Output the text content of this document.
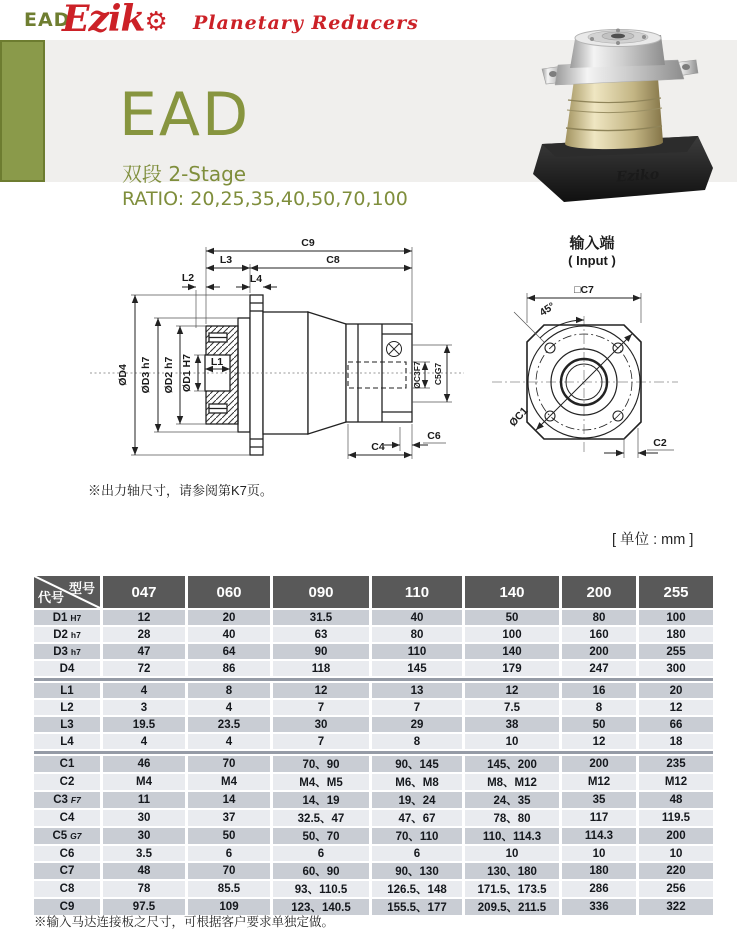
EAD
Ezik⚙ Planetary Reducers
EAD
双段 2-Stage
RATIO: 20,25,35,40,50,70,100
Eziko
C9
C8
L3
L2	L4
L1
ØD4 ØD3 h7 ØD2 h7 ØD1 H7	ØC3F7 C5G7
C4
C6
输入端
( Input )
□C7
45°
ØC1
C2
※出力轴尺寸，请参阅第K7页。
[ 单位 : mm ]
型号
代号	047	060	090	110	140	200	255
D1 H7	12	20	31.5	40	50	80	100
D2 h7	28	40	63	80	100	160	180
D3 h7	47	64	90	110	140	200	255
D4	72	86	118	145	179	247	300

L1	4	8	12	13	12	16	20
L2	3	4	7	7	7.5	8	12
L3	19.5	23.5	30	29	38	50	66
L4	4	4	7	8	10	12	18

C1	46	70	70、90	90、145	145、200	200	235
C2	M4	M4	M4、M5	M6、M8	M8、M12	M12	M12
C3 F7	11	14	14、19	19、24	24、35	35	48
C4	30	37	32.5、47	47、67	78、80	117	119.5
C5 G7	30	50	50、70	70、110	110、114.3	114.3	200
C6	3.5	6	6	6	10	10	10
C7	48	70	60、90	90、130	130、180	180	220
C8	78	85.5	93、110.5	126.5、148	171.5、173.5	286	256
C9	97.5	109	123、140.5	155.5、177	209.5、211.5	336	322
※输入马达连接板之尺寸，可根据客户要求单独定做。
